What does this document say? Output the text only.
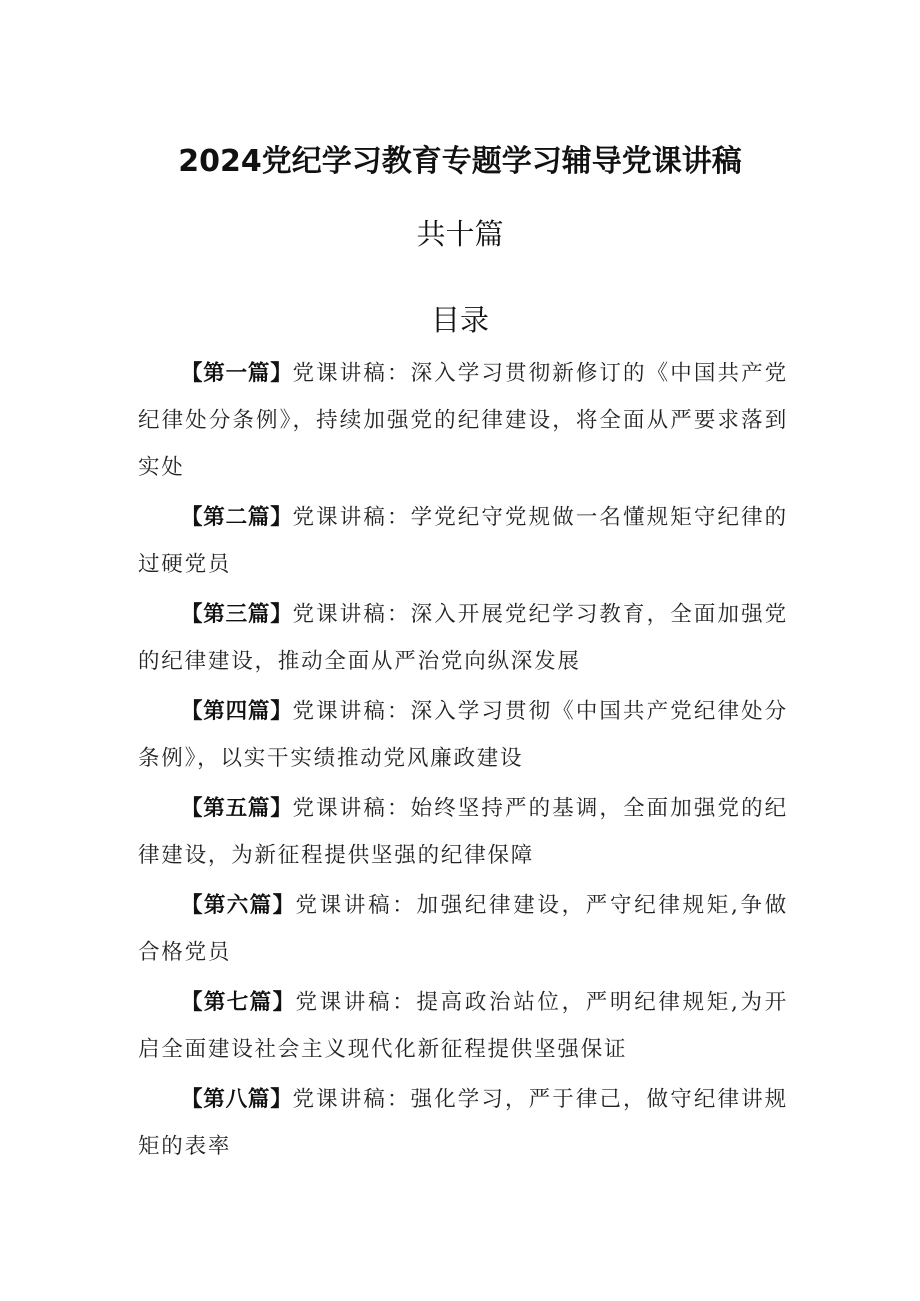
2024党纪学习教育专题学习辅导党课讲稿
共十篇
目录

【第一篇】党课讲稿：深入学习贯彻新修订的《中国共产党纪律处分条例》，持续加强党的纪律建设，将全面从严要求落到实处

【第二篇】党课讲稿：学党纪守党规做一名懂规矩守纪律的过硬党员

【第三篇】党课讲稿：深入开展党纪学习教育，全面加强党的纪律建设，推动全面从严治党向纵深发展

【第四篇】党课讲稿：深入学习贯彻《中国共产党纪律处分条例》，以实干实绩推动党风廉政建设

【第五篇】党课讲稿：始终坚持严的基调，全面加强党的纪律建设，为新征程提供坚强的纪律保障

【第六篇】党课讲稿：加强纪律建设，严守纪律规矩,争做合格党员

【第七篇】党课讲稿：提高政治站位，严明纪律规矩,为开启全面建设社会主义现代化新征程提供坚强保证

【第八篇】党课讲稿：强化学习，严于律己，做守纪律讲规矩的表率
